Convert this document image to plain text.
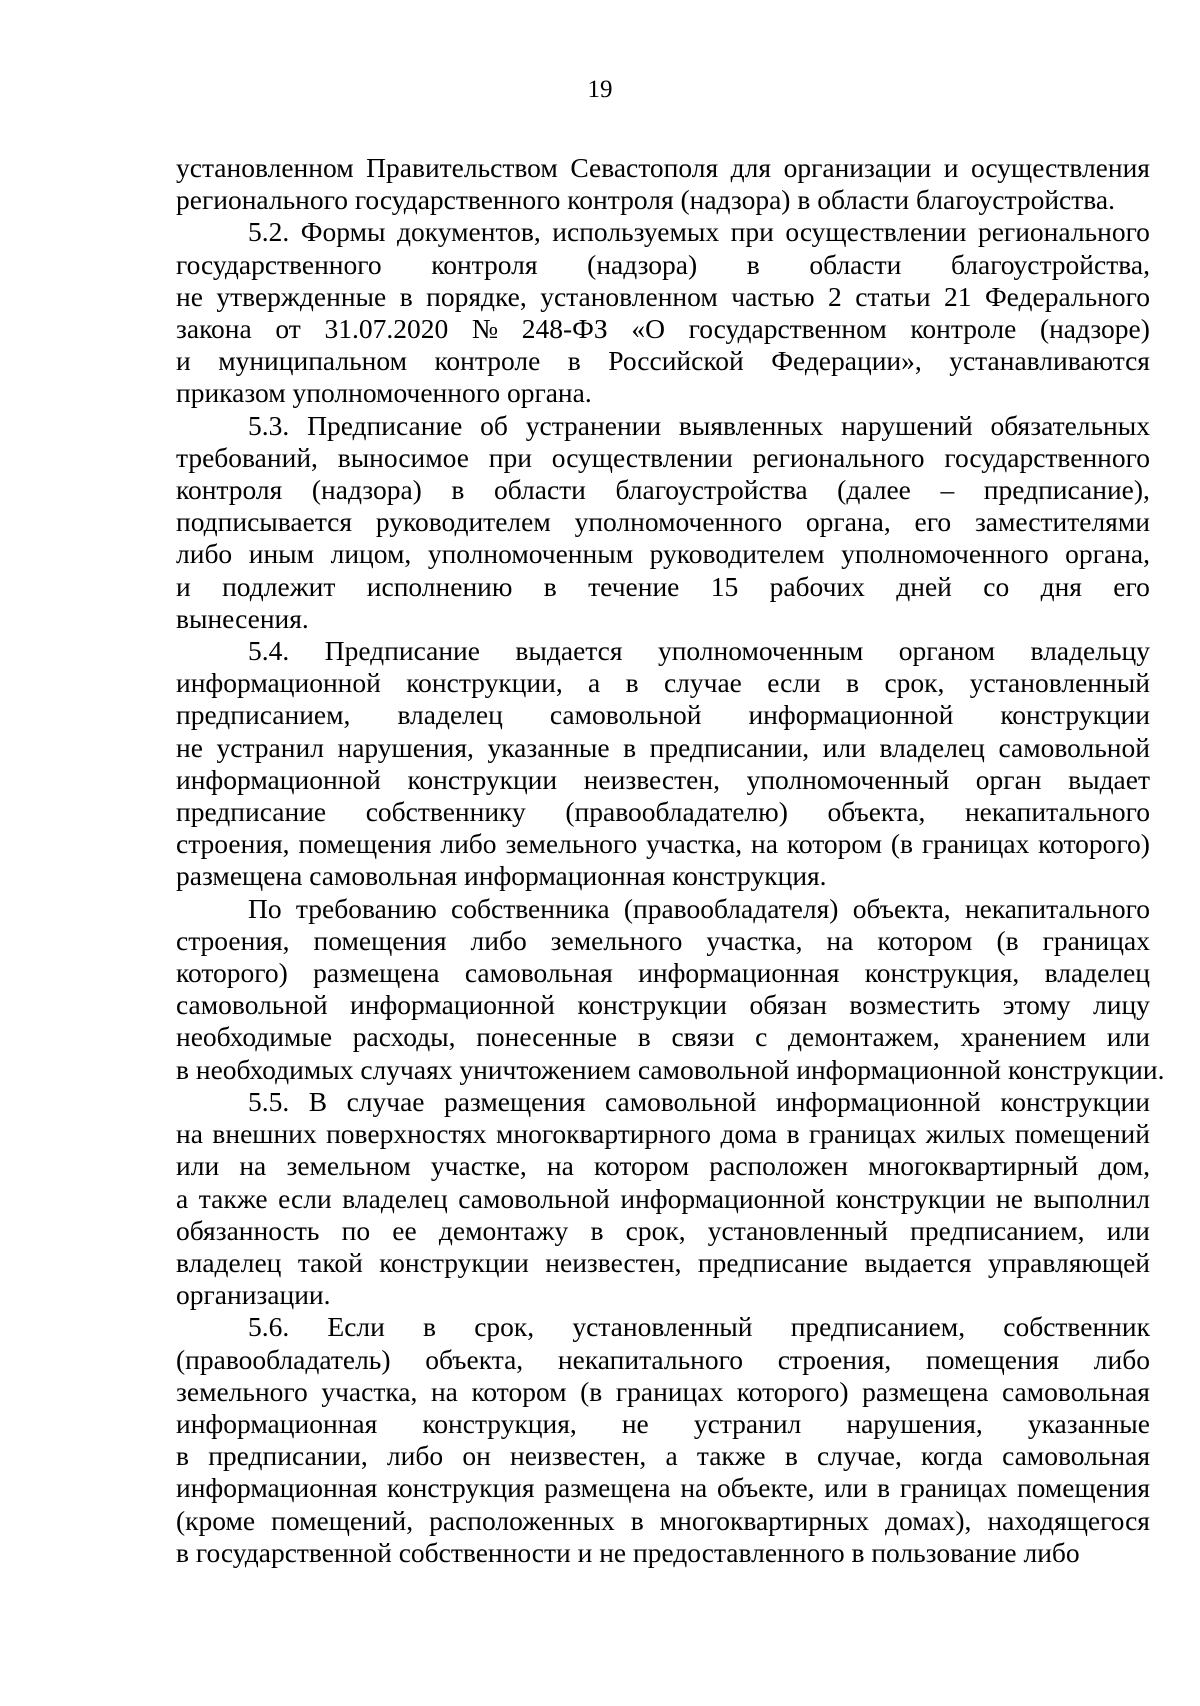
19

установленном Правительством Севастополя для организации и осуществления
регионального государственного контроля (надзора) в области благоустройства.

5.2. Формы документов, используемых при осуществлении регионального
государственного контроля (надзора) в области благоустройства,
не утвержденные в порядке, установленном частью 2 статьи 21 Федерального
закона от 31.07.2020 № 248-ФЗ «О государственном контроле (надзоре)
и муниципальном контроле в Российской Федерации», устанавливаются
приказом уполномоченного органа.

5.3. Предписание об устранении выявленных нарушений обязательных
требований, выносимое при осуществлении регионального государственного
контроля (надзора) в области благоустройства (далее – предписание),
подписывается руководителем уполномоченного органа, его заместителями
либо иным лицом, уполномоченным руководителем уполномоченного органа,
и подлежит исполнению в течение 15 рабочих дней со дня его
вынесения.

5.4. Предписание выдается уполномоченным органом владельцу
информационной конструкции, а в случае если в срок, установленный
предписанием, владелец самовольной информационной конструкции
не устранил нарушения, указанные в предписании, или владелец самовольной
информационной конструкции неизвестен, уполномоченный орган выдает
предписание собственнику (правообладателю) объекта, некапитального
строения, помещения либо земельного участка, на котором (в границах которого)
размещена самовольная информационная конструкция.

По требованию собственника (правообладателя) объекта, некапитального
строения, помещения либо земельного участка, на котором (в границах
которого) размещена самовольная информационная конструкция, владелец
самовольной информационной конструкции обязан возместить этому лицу
необходимые расходы, понесенные в связи с демонтажем, хранением или
в необходимых случаях уничтожением самовольной информационной конструкции.

5.5. В случае размещения самовольной информационной конструкции
на внешних поверхностях многоквартирного дома в границах жилых помещений
или на земельном участке, на котором расположен многоквартирный дом,
а также если владелец самовольной информационной конструкции не выполнил
обязанность по ее демонтажу в срок, установленный предписанием, или
владелец такой конструкции неизвестен, предписание выдается управляющей
организации.

5.6. Если в срок, установленный предписанием, собственник
(правообладатель) объекта, некапитального строения, помещения либо
земельного участка, на котором (в границах которого) размещена самовольная
информационная конструкция, не устранил нарушения, указанные
в предписании, либо он неизвестен, а также в случае, когда самовольная
информационная конструкция размещена на объекте, или в границах помещения
(кроме помещений, расположенных в многоквартирных домах), находящегося
в государственной собственности и не предоставленного в пользование либо
